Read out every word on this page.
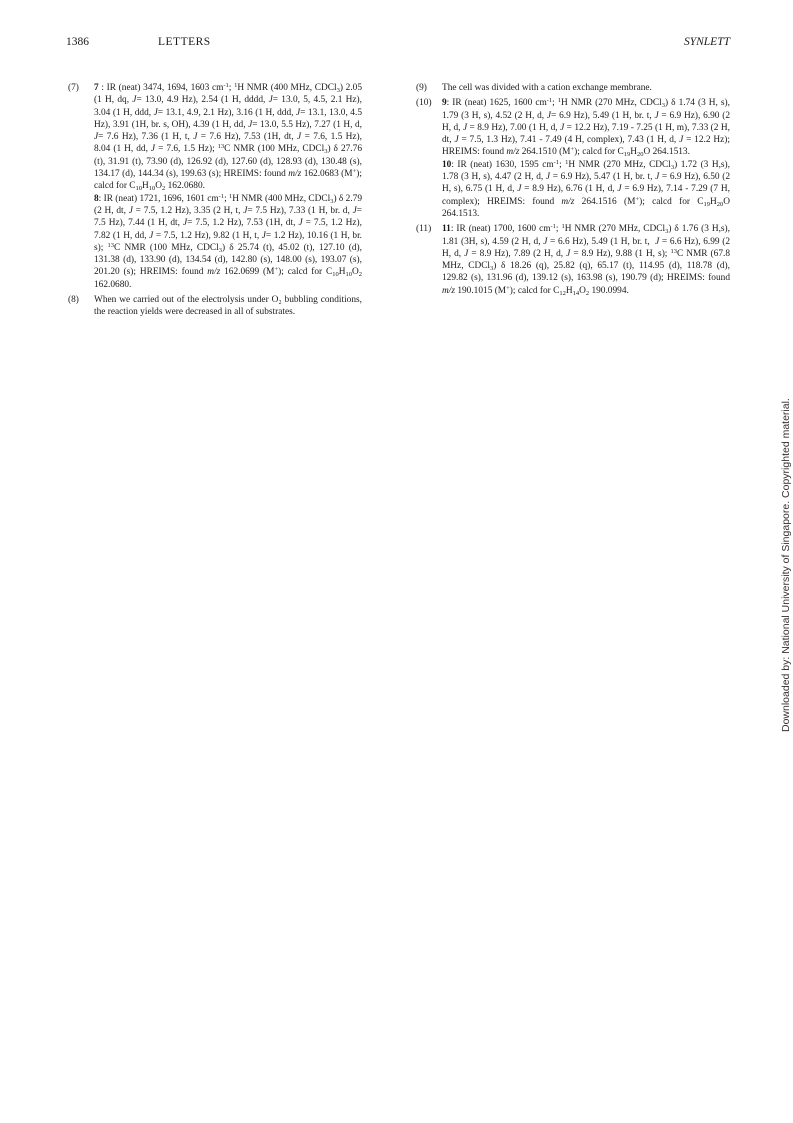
1386	LETTERS	SYNLETT
(7) 7 : IR (neat) 3474, 1694, 1603 $cm^{-1}$; $^1$H NMR (400 MHz, CDCl$_3$) 2.05 (1 H, dq, J= 13.0, 4.9 Hz), 2.54 (1 H, dddd, J= 13.0, 5, 4.5, 2.1 Hz), 3.04 (1 H, ddd, J= 13.1, 4.9, 2.1 Hz), 3.16 (1 H, ddd, J= 13.1, 13.0, 4.5 Hz), 3.91 (1H, br. s, OH), 4.39 (1 H, dd, J= 13.0, 5.5 Hz), 7.27 (1 H, d, J= 7.6 Hz), 7.36 (1 H, t, J = 7.6 Hz), 7.53 (1H, dt, J = 7.6, 1.5 Hz), 8.04 (1 H, dd, J = 7.6, 1.5 Hz); $^{13}$C NMR (100 MHz, CDCl$_3$) δ 27.76 (t), 31.91 (t), 73.90 (d), 126.92 (d), 127.60 (d), 128.93 (d), 130.48 (s), 134.17 (d), 144.34 (s), 199.63 (s); HREIMS: found m/z 162.0683 (M+); calcd for $C_{10}H_{10}O_2$ 162.0680.

8: IR (neat) 1721, 1696, 1601 $cm^{-1}$; $^1$H NMR (400 MHz, CDCl$_3$) δ 2.79 (2 H, dt, J = 7.5, 1.2 Hz), 3.35 (2 H, t, J= 7.5 Hz), 7.33 (1 H, br. d, J= 7.5 Hz), 7.44 (1 H, dt, J= 7.5, 1.2 Hz), 7.53 (1H, dt, J = 7.5, 1.2 Hz), 7.82 (1 H, dd, J = 7.5, 1.2 Hz), 9.82 (1 H, t, J= 1.2 Hz), 10.16 (1 H, br. s); $^{13}$C NMR (100 MHz, CDCl$_3$) δ 25.74 (t), 45.02 (t), 127.10 (d), 131.38 (d), 133.90 (d), 134.54 (d), 142.80 (s), 148.00 (s), 193.07 (s), 201.20 (s); HREIMS: found m/z 162.0699 (M+); calcd for $C_{10}H_{10}O_2$ 162.0680.

(8) When we carried out of the electrolysis under O₂ bubbling conditions, the reaction yields were decreased in all of substrates.

(9) The cell was divided with a cation exchange membrane.

(10) 9: IR (neat) 1625, 1600 $cm^{-1}$; $^1$H NMR (270 MHz, CDCl$_3$) δ 1.74 (3 H, s), 1.79 (3 H, s), 4.52 (2 H, d, J= 6.9 Hz), 5.49 (1 H, br. t, J = 6.9 Hz), 6.90 (2 H, d, J = 8.9 Hz), 7.00 (1 H, d, J = 12.2 Hz), 7.19 - 7.25 (1 H, m), 7.33 (2 H, dt, J = 7.5, 1.3 Hz), 7.41 - 7.49 (4 H, complex), 7.43 (1 H, d, J = 12.2 Hz); HREIMS: found m/z 264.1510 (M+); calcd for $C_{19}H_{20}O$ 264.1513.

10: IR (neat) 1630, 1595 $cm^{-1}$; $^1$H NMR (270 MHz, CDCl$_3$) 1.72 (3 H,s), 1.78 (3 H, s), 4.47 (2 H, d, J = 6.9 Hz), 5.47 (1 H, br. t, J = 6.9 Hz), 6.50 (2 H, s), 6.75 (1 H, d, J = 8.9 Hz), 6.76 (1 H, d, J = 6.9 Hz), 7.14 - 7.29 (7 H, complex); HREIMS: found m/z 264.1516 (M+); calcd for $C_{19}H_{20}O$ 264.1513.

(11) 11: IR (neat) 1700, 1600 $cm^{-1}$; $^1$H NMR (270 MHz, CDCl$_3$) δ 1.76 (3 H,s), 1.81 (3H, s), 4.59 (2 H, d, J = 6.6 Hz), 5.49 (1 H, br. t,  J = 6.6 Hz), 6.99 (2 H, d, J = 8.9 Hz), 7.89 (2 H, d, J = 8.9 Hz), 9.88 (1 H, s); $^{13}$C NMR (67.8 MHz, CDCl$_3$) δ 18.26 (q), 25.82 (q), 65.17 (t), 114.95 (d), 118.78 (d), 129.82 (s), 131.96 (d), 139.12 (s), 163.98 (s), 190.79 (d); HREIMS: found m/z 190.1015 (M+); calcd for $C_{12}H_{14}O_2$ 190.0994.

Downloaded by: National University of Singapore. Copyrighted material.
